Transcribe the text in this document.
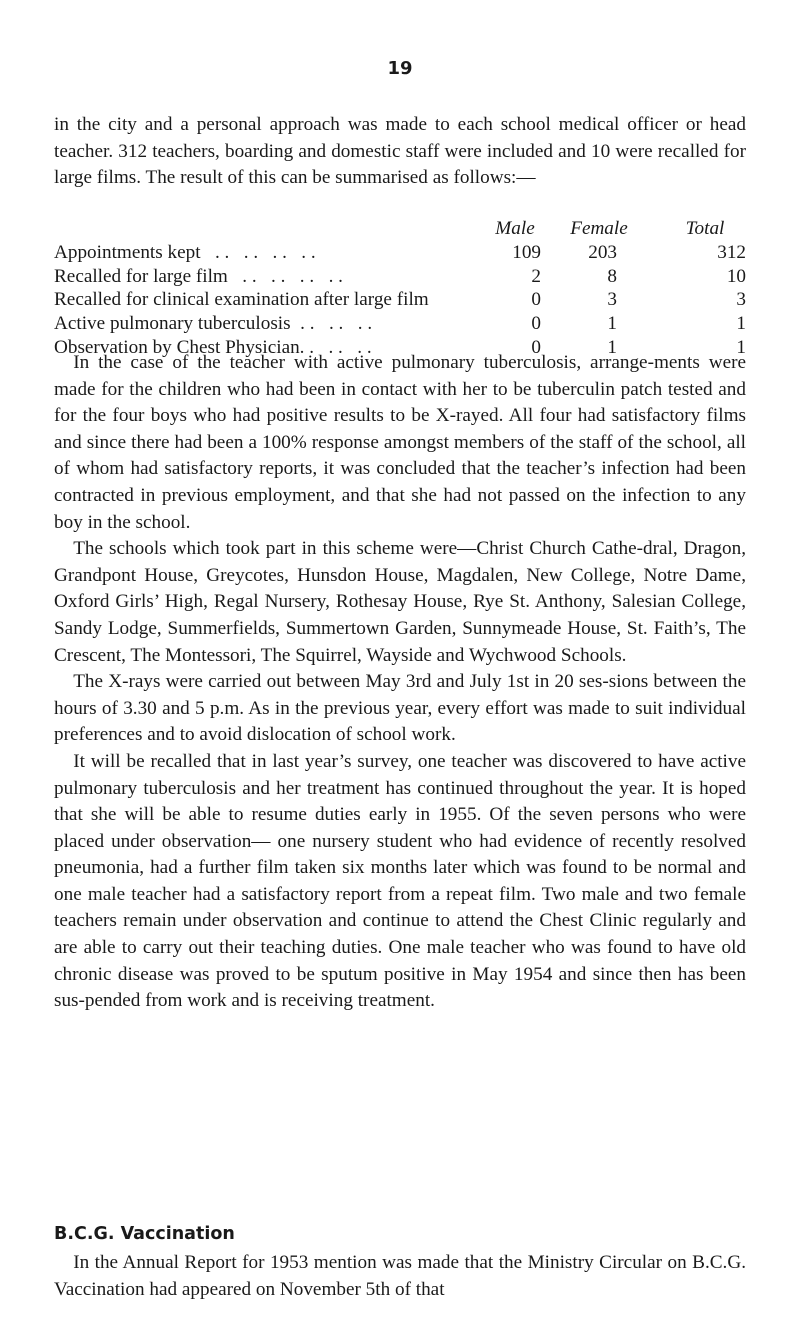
19

in the city and a personal approach was made to each school medical officer or head teacher. 312 teachers, boarding and domestic staff were included and 10 were recalled for large films. The result of this can be summarised as follows:—

Male	Female	Total
Appointments kept   . .   . .   . .   . .	109	203	312
Recalled for large film   . .   . .   . .   . .	2	8	10
Recalled for clinical examination after large film	0	3	3
Active pulmonary tuberculosis  . .   . .   . .	0	1	1
Observation by Chest Physician. .   . .   . .	0	1	1

 In the case of the teacher with active pulmonary tuberculosis, arrange-ments were made for the children who had been in contact with her to be tuberculin patch tested and for the four boys who had positive results to be X-rayed. All four had satisfactory films and since there had been a 100% response amongst members of the staff of the school, all of whom had satisfactory reports, it was concluded that the teacher’s infection had been contracted in previous employment, and that she had not passed on the infection to any boy in the school.

 The schools which took part in this scheme were—Christ Church Cathe-dral, Dragon, Grandpont House, Greycotes, Hunsdon House, Magdalen, New College, Notre Dame, Oxford Girls’ High, Regal Nursery, Rothesay House, Rye St. Anthony, Salesian College, Sandy Lodge, Summerfields, Summertown Garden, Sunnymeade House, St. Faith’s, The Crescent, The Montessori, The Squirrel, Wayside and Wychwood Schools.

 The X-rays were carried out between May 3rd and July 1st in 20 ses-sions between the hours of 3.30 and 5 p.m. As in the previous year, every effort was made to suit individual preferences and to avoid dislocation of school work.

 It will be recalled that in last year’s survey, one teacher was discovered to have active pulmonary tuberculosis and her treatment has continued throughout the year. It is hoped that she will be able to resume duties early in 1955. Of the seven persons who were placed under observation— one nursery student who had evidence of recently resolved pneumonia, had a further film taken six months later which was found to be normal and one male teacher had a satisfactory report from a repeat film. Two male and two female teachers remain under observation and continue to attend the Chest Clinic regularly and are able to carry out their teaching duties. One male teacher who was found to have old chronic disease was proved to be sputum positive in May 1954 and since then has been sus-pended from work and is receiving treatment.

B.C.G. Vaccination

 In the Annual Report for 1953 mention was made that the Ministry Circular on B.C.G. Vaccination had appeared on November 5th of that
